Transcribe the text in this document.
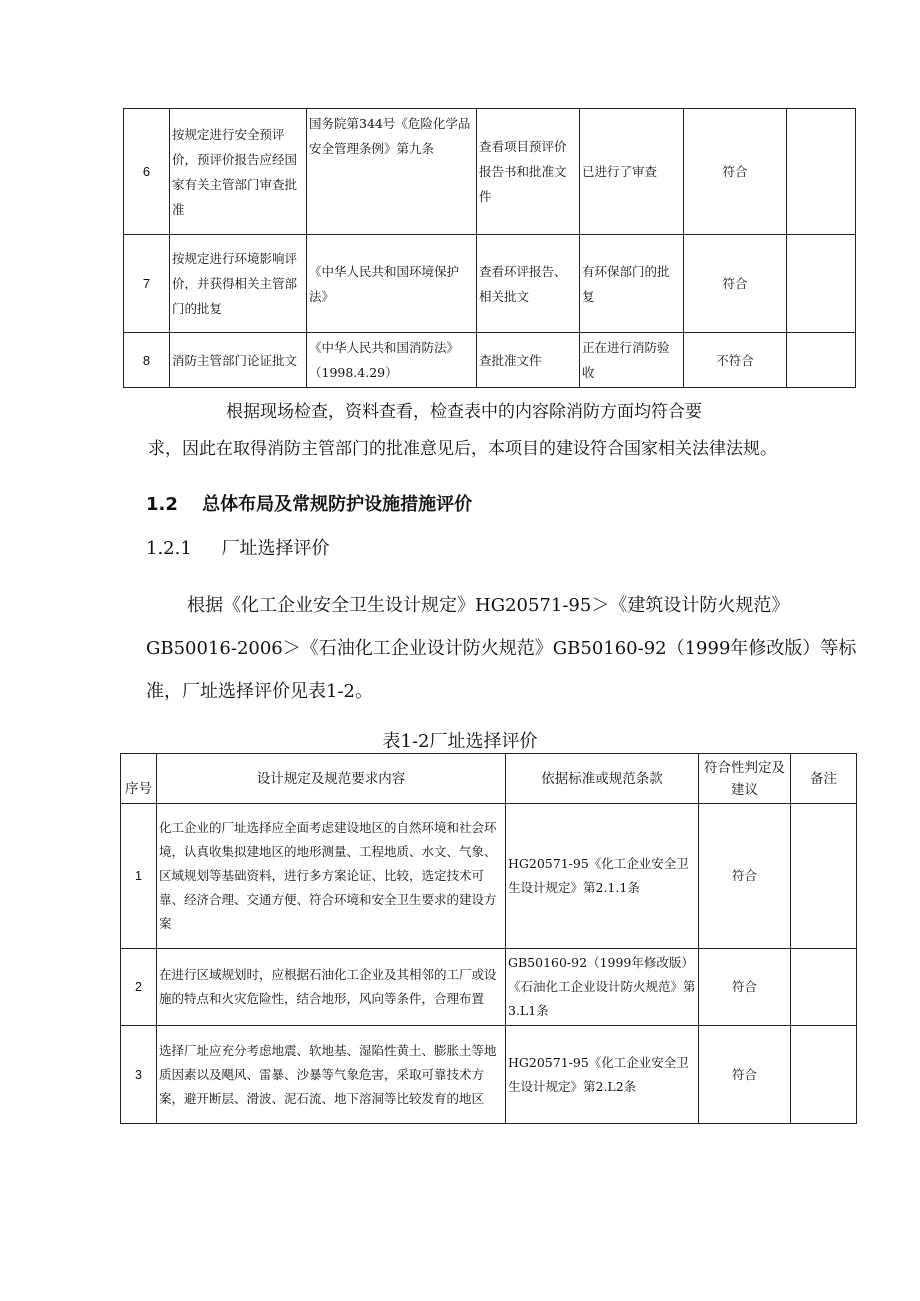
6	按规定进行安全预评价，预评价报告应经国家有关主管部门审查批准	国务院第344号《危险化学品安全管理条例》第九条	查看项目预评价报告书和批准文件	已进行了审查	符合	
7	按规定进行环境影响评价，并获得相关主管部门的批复	《中华人民共和国环境保护法》	查看环评报告、相关批文	有环保部门的批复	符合	
8	消防主管部门论证批文	《中华人民共和国消防法》（1998.4.29）	查批准文件	正在进行消防验收	不符合	

根据现场检查，资料查看，检查表中的内容除消防方面均符合要

求，因此在取得消防主管部门的批准意见后，本项目的建设符合国家相关法律法规。

1.2 总体布局及常规防护设施措施评价
1.2.1 厂址选择评价

根据《化工企业安全卫生设计规定》HG20571-95＞《建筑设计防火规范》

GB50016-2006＞《石油化工企业设计防火规范》GB50160-92（1999年修改版）等标

准，厂址选择评价见表1-2。

表1-2厂址选择评价
序号	设计规定及规范要求内容	依据标准或规范条款	符合性判定及建议	备注
1	化工企业的厂址选择应全面考虑建设地区的自然环境和社会环境，认真收集拟建地区的地形测量、工程地质、水文、气象、区域规划等基础资料，进行多方案论证、比较，选定技术可靠、经济合理、交通方便、符合环境和安全卫生要求的建设方案	HG20571-95《化工企业安全卫生设计规定》第2.1.1条	符合	
2	在进行区域规划时，应根据石油化工企业及其相邻的工厂或设施的特点和火灾危险性，结合地形，风向等条件，合理布置	GB50160-92（1999年修改版）《石油化工企业设计防火规范》第3.L1条	符合	
3	选择厂址应充分考虑地震、软地基、湿陷性黄土、膨胀土等地质因素以及飓风、雷暴、沙暴等气象危害，采取可靠技术方案，避开断层、滑波、泥石流、地下溶洞等比较发育的地区	HG20571-95《化工企业安全卫生设计规定》第2.L2条	符合	
